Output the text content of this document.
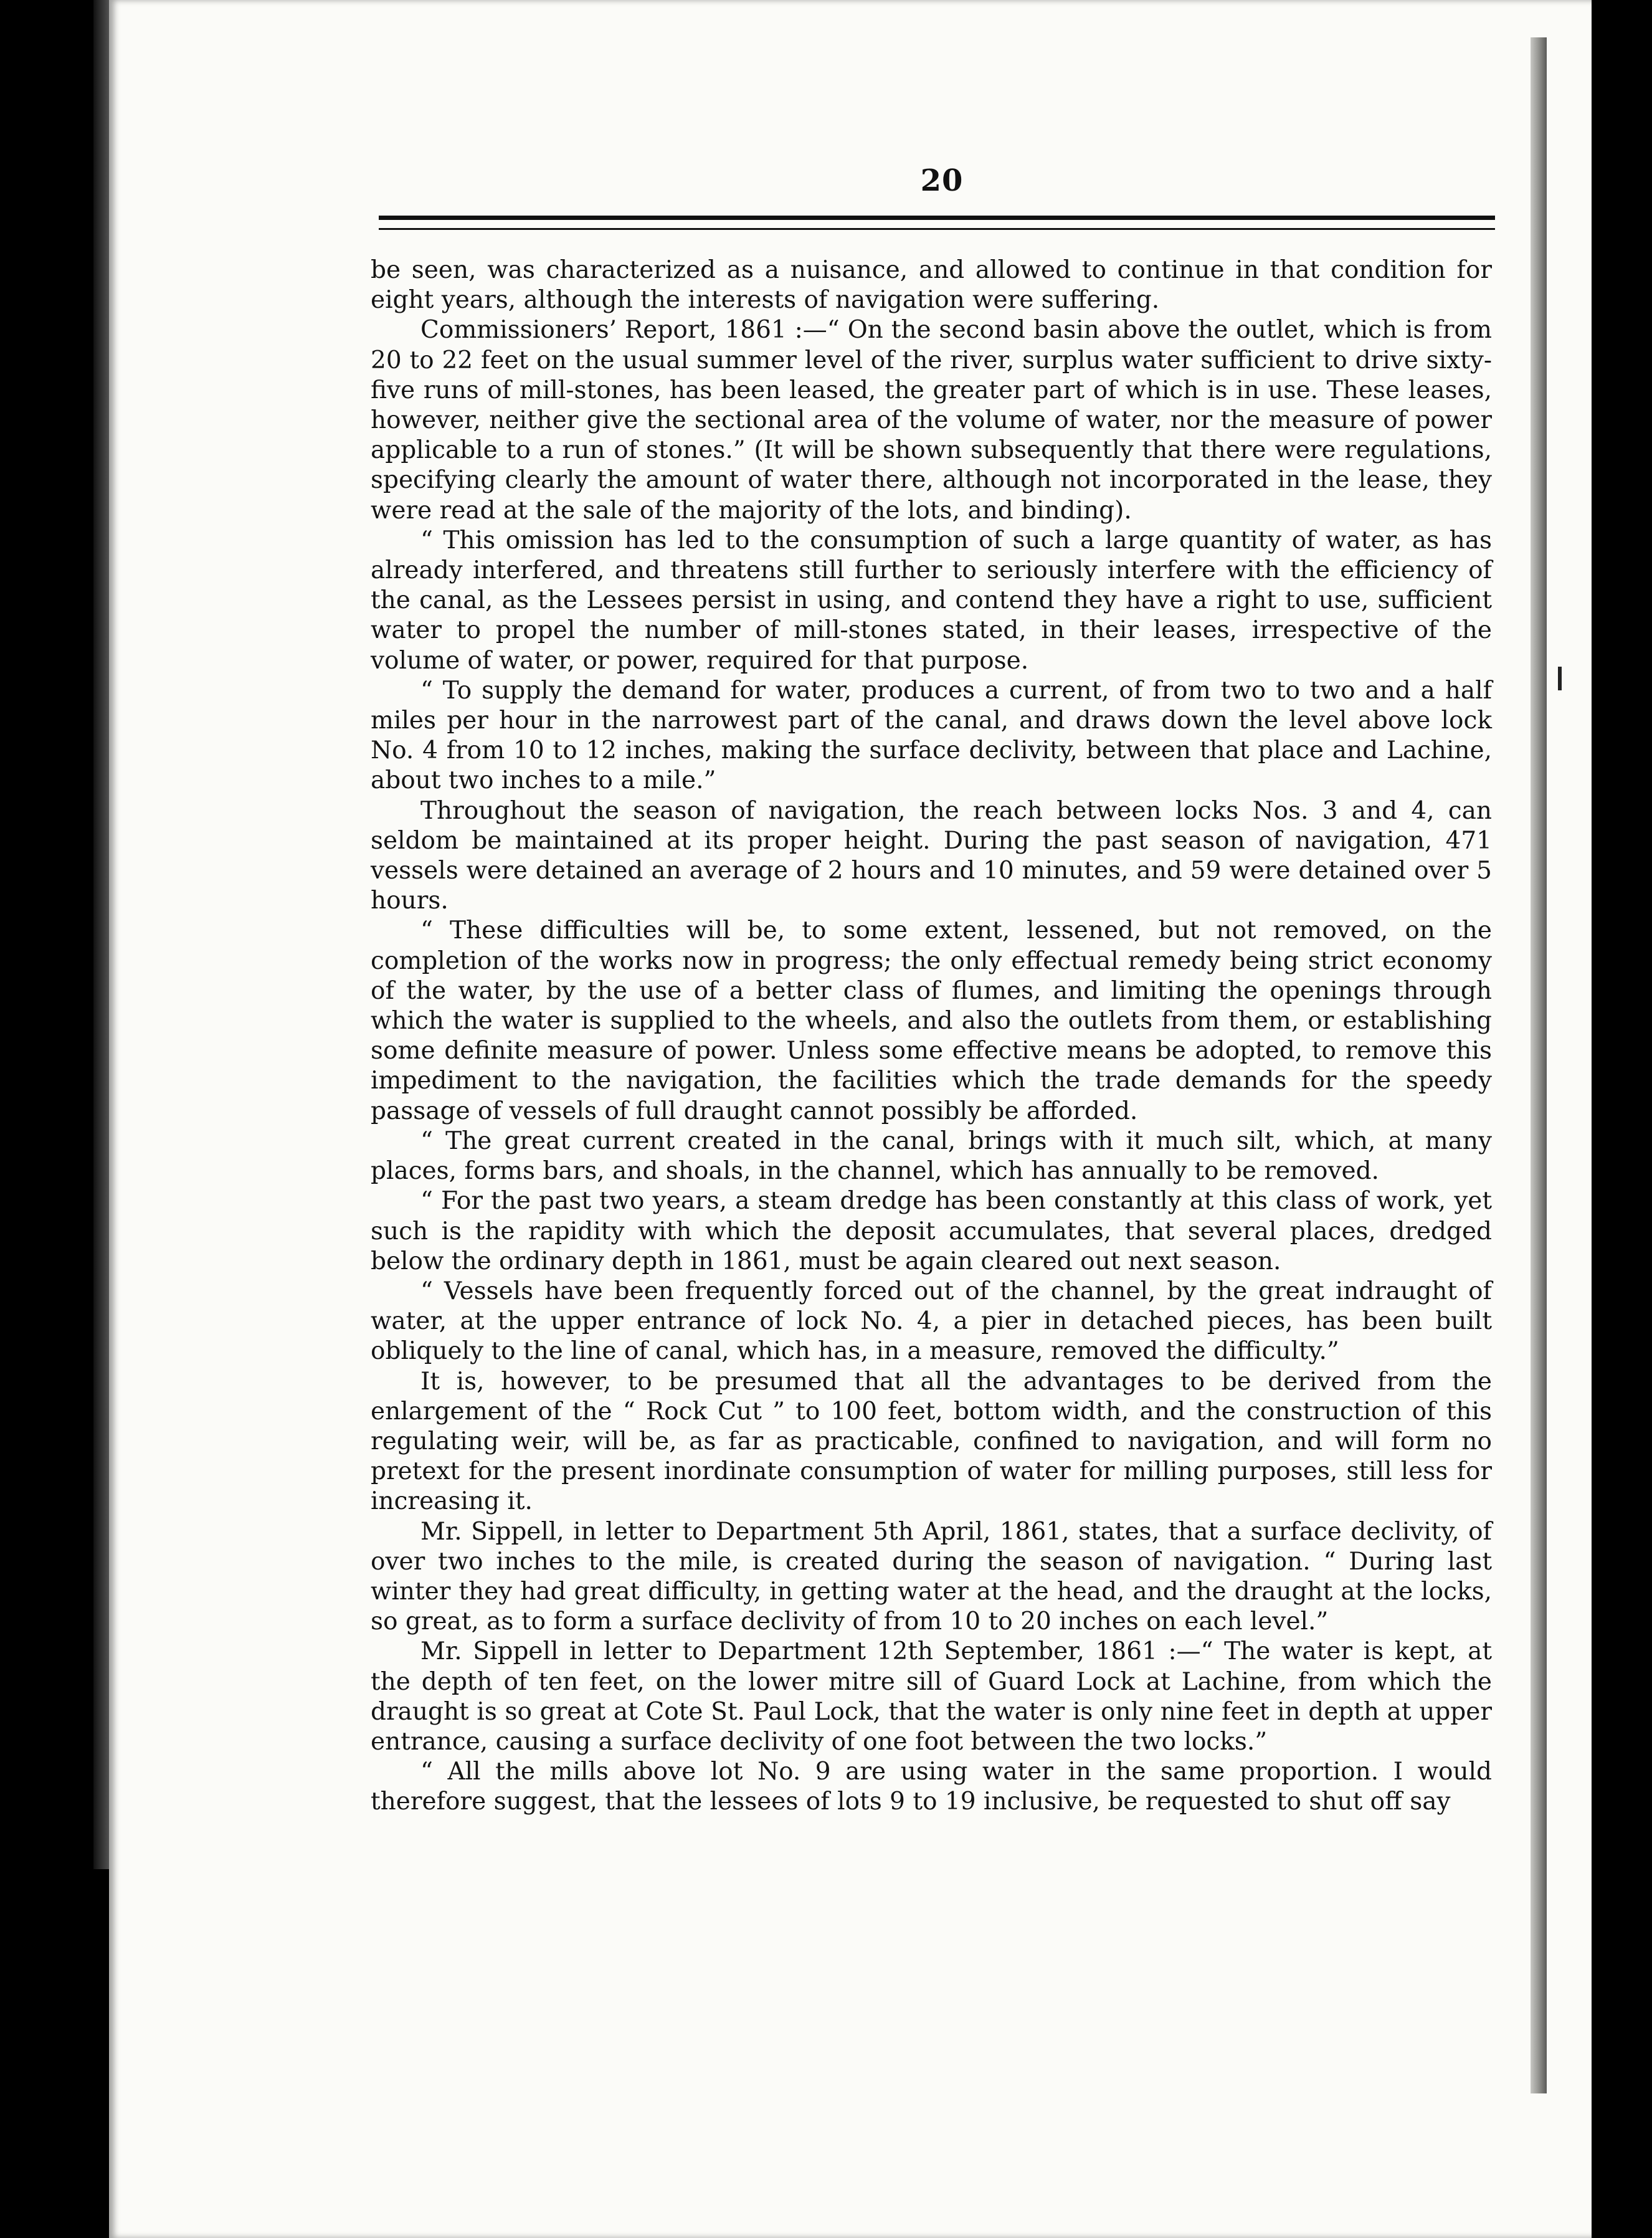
20

be seen, was characterized as a nuisance, and allowed to continue in that condition for eight years, although the interests of navigation were suffering.

Commissioners’ Report, 1861 :—“ On the second basin above the outlet, which is from 20 to 22 feet on the usual summer level of the river, surplus water sufficient to drive sixty-five runs of mill-stones, has been leased, the greater part of which is in use. These leases, however, neither give the sectional area of the volume of water, nor the measure of power applicable to a run of stones.” (It will be shown subsequently that there were regulations, specifying clearly the amount of water there, although not incorporated in the lease, they were read at the sale of the majority of the lots, and binding).

“ This omission has led to the consumption of such a large quantity of water, as has already interfered, and threatens still further to seriously interfere with the efficiency of the canal, as the Lessees persist in using, and contend they have a right to use, sufficient water to propel the number of mill-stones stated, in their leases, irrespective of the volume of water, or power, required for that purpose.

“ To supply the demand for water, produces a current, of from two to two and a half miles per hour in the narrowest part of the canal, and draws down the level above lock No. 4 from 10 to 12 inches, making the surface declivity, between that place and Lachine, about two inches to a mile.”

Throughout the season of navigation, the reach between locks Nos. 3 and 4, can seldom be maintained at its proper height. During the past season of navigation, 471 vessels were detained an average of 2 hours and 10 minutes, and 59 were detained over 5 hours.

“ These difficulties will be, to some extent, lessened, but not removed, on the completion of the works now in progress; the only effectual remedy being strict economy of the water, by the use of a better class of flumes, and limiting the openings through which the water is supplied to the wheels, and also the outlets from them, or establishing some definite measure of power. Unless some effective means be adopted, to remove this impediment to the navigation, the facilities which the trade demands for the speedy passage of vessels of full draught cannot possibly be afforded.

“ The great current created in the canal, brings with it much silt, which, at many places, forms bars, and shoals, in the channel, which has annually to be removed.

“ For the past two years, a steam dredge has been constantly at this class of work, yet such is the rapidity with which the deposit accumulates, that several places, dredged below the ordinary depth in 1861, must be again cleared out next season.

“ Vessels have been frequently forced out of the channel, by the great indraught of water, at the upper entrance of lock No. 4, a pier in detached pieces, has been built obliquely to the line of canal, which has, in a measure, removed the difficulty.”

It is, however, to be presumed that all the advantages to be derived from the enlargement of the “ Rock Cut ” to 100 feet, bottom width, and the construction of this regulating weir, will be, as far as practicable, confined to navigation, and will form no pretext for the present inordinate consumption of water for milling purposes, still less for increasing it.

Mr. Sippell, in letter to Department 5th April, 1861, states, that a surface declivity, of over two inches to the mile, is created during the season of navigation. “ During last winter they had great difficulty, in getting water at the head, and the draught at the locks, so great, as to form a surface declivity of from 10 to 20 inches on each level.”

Mr. Sippell in letter to Department 12th September, 1861 :—“ The water is kept, at the depth of ten feet, on the lower mitre sill of Guard Lock at Lachine, from which the draught is so great at Cote St. Paul Lock, that the water is only nine feet in depth at upper entrance, causing a surface declivity of one foot between the two locks.”

“ All the mills above lot No. 9 are using water in the same proportion. I would therefore suggest, that the lessees of lots 9 to 19 inclusive, be requested to shut off say
